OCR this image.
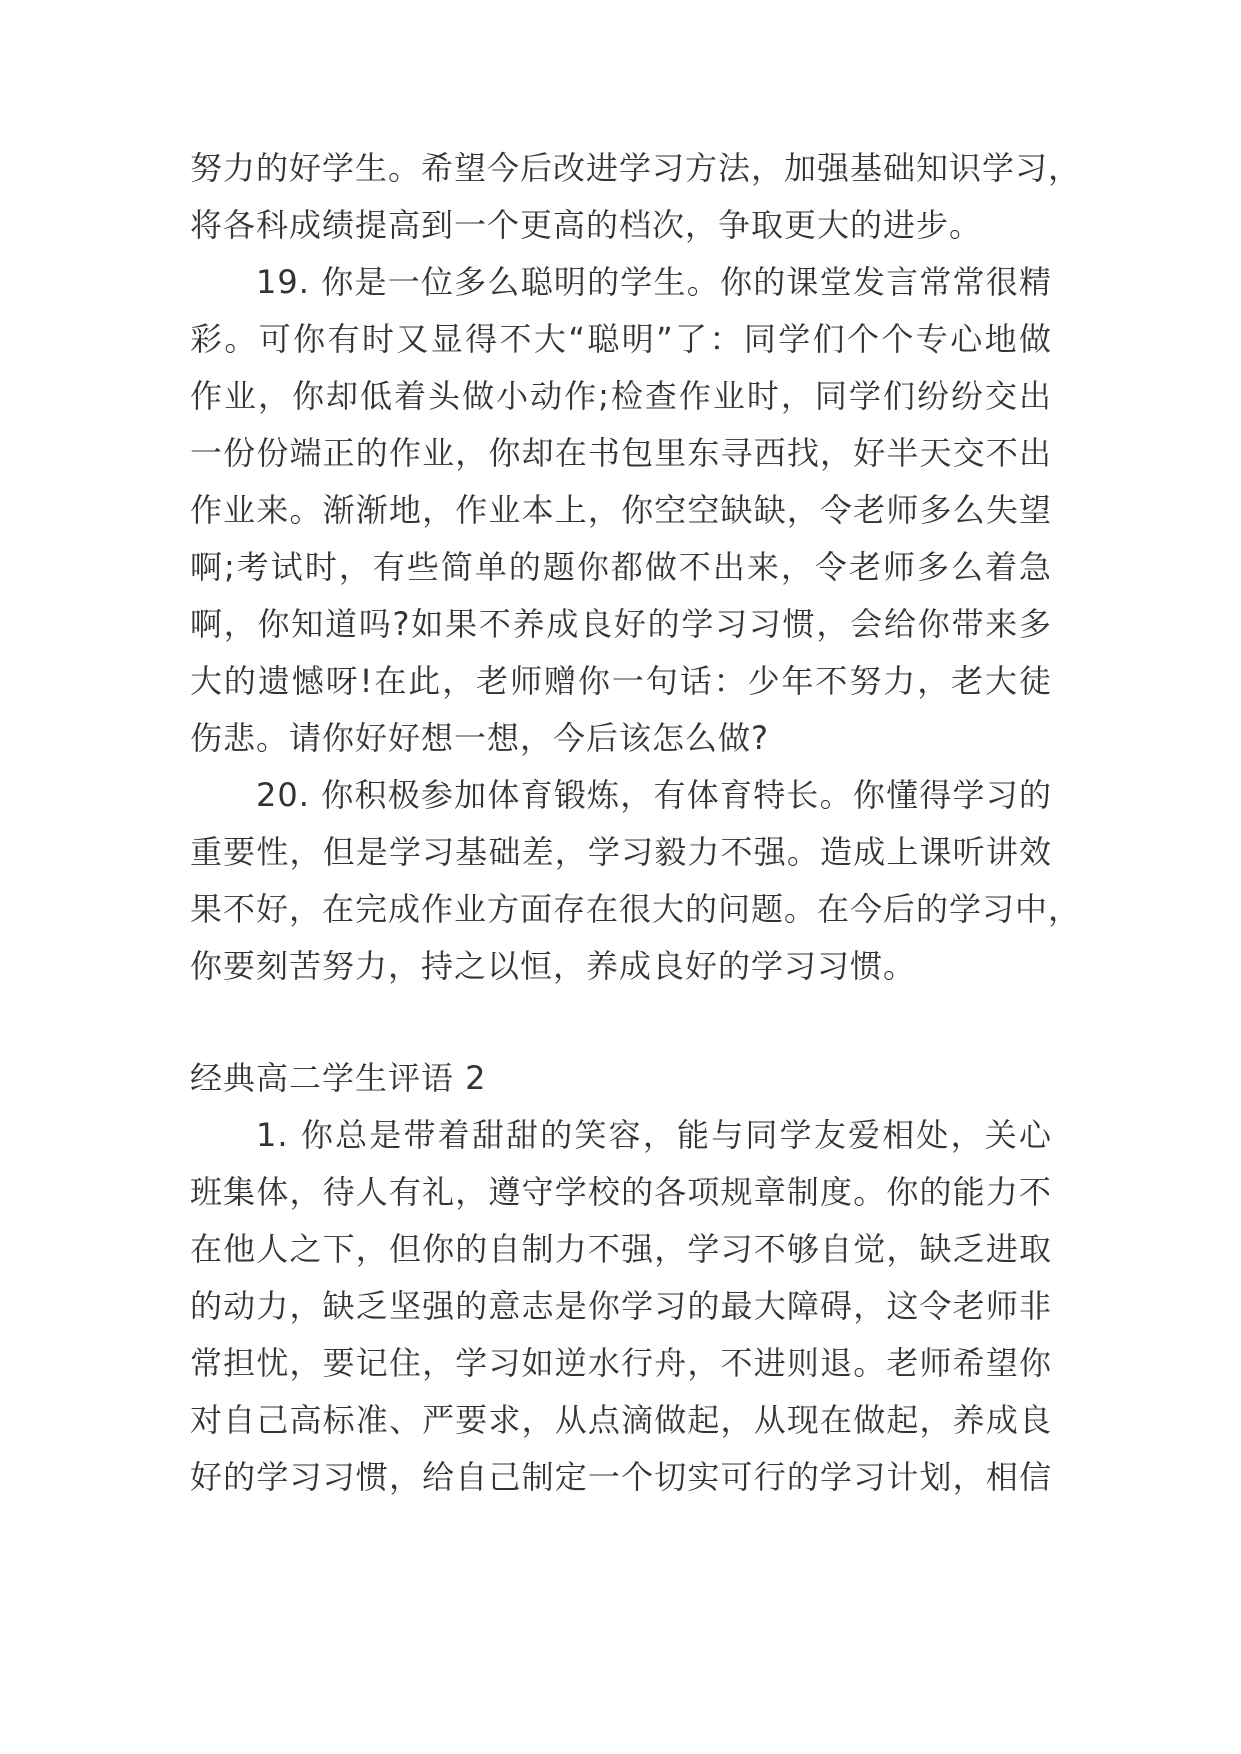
努力的好学生。希望今后改进学习方法，加强基础知识学习，
将各科成绩提高到一个更高的档次，争取更大的进步。
19. 你是一位多么聪明的学生。你的课堂发言常常很精
彩。可你有时又显得不大“聪明”了：同学们个个专心地做
作业，你却低着头做小动作;检查作业时，同学们纷纷交出
一份份端正的作业，你却在书包里东寻西找，好半天交不出
作业来。渐渐地，作业本上，你空空缺缺，令老师多么失望
啊;考试时，有些简单的题你都做不出来，令老师多么着急
啊，你知道吗?如果不养成良好的学习习惯，会给你带来多
大的遗憾呀!在此，老师赠你一句话：少年不努力，老大徒
伤悲。请你好好想一想，今后该怎么做?
20. 你积极参加体育锻炼，有体育特长。你懂得学习的
重要性，但是学习基础差，学习毅力不强。造成上课听讲效
果不好，在完成作业方面存在很大的问题。在今后的学习中，
你要刻苦努力，持之以恒，养成良好的学习习惯。
经典高二学生评语 2
1. 你总是带着甜甜的笑容，能与同学友爱相处，关心
班集体，待人有礼，遵守学校的各项规章制度。你的能力不
在他人之下，但你的自制力不强，学习不够自觉，缺乏进取
的动力，缺乏坚强的意志是你学习的最大障碍，这令老师非
常担忧，要记住，学习如逆水行舟，不进则退。老师希望你
对自己高标准、严要求，从点滴做起，从现在做起，养成良
好的学习习惯，给自己制定一个切实可行的学习计划，相信
